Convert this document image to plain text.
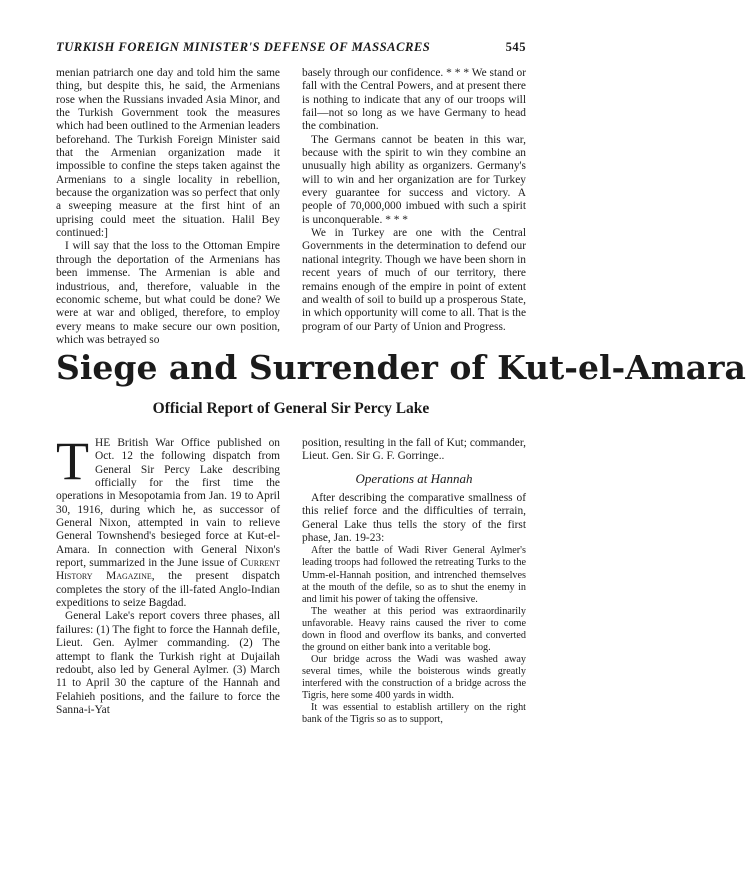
TURKISH FOREIGN MINISTER'S DEFENSE OF MASSACRES	545

menian patriarch one day and told him the same thing, but despite this, he said, the Armenians rose when the Russians invaded Asia Minor, and the Turkish Government took the measures which had been outlined to the Armenian leaders beforehand. The Turkish Foreign Minister said that the Armenian organization made it impossible to confine the steps taken against the Armenians to a single locality in rebellion, because the organization was so perfect that only a sweeping measure at the first hint of an uprising could meet the situation. Halil Bey continued:]

I will say that the loss to the Ottoman Empire through the deportation of the Armenians has been immense. The Armenian is able and industrious, and, therefore, valuable in the economic scheme, but what could be done? We were at war and obliged, therefore, to employ every means to make secure our own position, which was betrayed so

basely through our confidence. * * * We stand or fall with the Central Powers, and at present there is nothing to indicate that any of our troops will fail—not so long as we have Germany to head the combination.

The Germans cannot be beaten in this war, because with the spirit to win they combine an unusually high ability as organizers. Germany's will to win and her organization are for Turkey every guarantee for success and victory. A people of 70,000,000 imbued with such a spirit is unconquerable. * * *

We in Turkey are one with the Central Governments in the determination to defend our national integrity. Though we have been shorn in recent years of much of our territory, there remains enough of the empire in point of extent and wealth of soil to build up a prosperous State, in which opportunity will come to all. That is the program of our Party of Union and Progress.

Siege and Surrender of Kut-el-Amara
Official Report of General Sir Percy Lake

THE British War Office published on Oct. 12 the following dispatch from General Sir Percy Lake describing officially for the first time the operations in Mesopotamia from Jan. 19 to April 30, 1916, during which he, as successor of General Nixon, attempted in vain to relieve General Townshend's besieged force at Kut-el-Amara. In connection with General Nixon's report, summarized in the June issue of Current History Magazine, the present dispatch completes the story of the ill-fated Anglo-Indian expeditions to seize Bagdad.

General Lake's report covers three phases, all failures: (1) The fight to force the Hannah defile, Lieut. Gen. Aylmer commanding. (2) The attempt to flank the Turkish right at Dujailah redoubt, also led by General Aylmer. (3) March 11 to April 30 the capture of the Hannah and Felahieh positions, and the failure to force the Sanna-i-Yat

position, resulting in the fall of Kut; commander, Lieut. Gen. Sir G. F. Gorringe..

Operations at Hannah

After describing the comparative smallness of this relief force and the difficulties of terrain, General Lake thus tells the story of the first phase, Jan. 19-23:

After the battle of Wadi River General Aylmer's leading troops had followed the retreating Turks to the Umm-el-Hannah position, and intrenched themselves at the mouth of the defile, so as to shut the enemy in and limit his power of taking the offensive.

The weather at this period was extraordinarily unfavorable. Heavy rains caused the river to come down in flood and overflow its banks, and converted the ground on either bank into a veritable bog.

Our bridge across the Wadi was washed away several times, while the boisterous winds greatly interfered with the construction of a bridge across the Tigris, here some 400 yards in width.

It was essential to establish artillery on the right bank of the Tigris so as to support,
